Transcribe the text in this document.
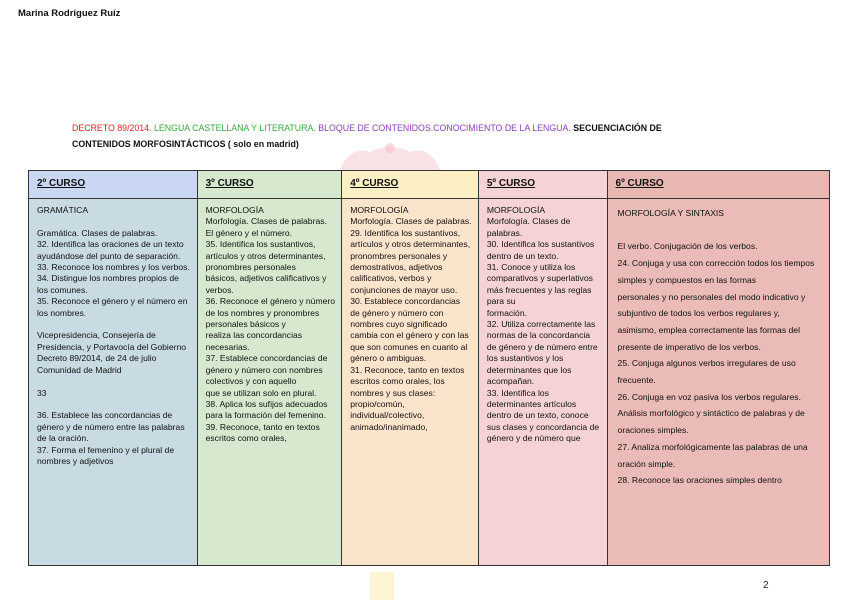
Marina Rodríguez Ruíz
DECRETO 89/2014. LENGUA CASTELLANA Y LITERATURA. BLOQUE DE CONTENIDOS.CONOCIMIENTO DE LA LENGUA. SECUENCIACIÓN DE
CONTENIDOS MORFOSINTÁCTICOS ( solo en madrid)
2º CURSO
GRAMÁTICA

Gramática. Clases de palabras.
32. Identifica las oraciones de un texto ayudándose del punto de separación.
33. Reconoce los nombres y los verbos.
34. Distingue los nombres propios de los comunes.
35. Reconoce el género y el número en los nombres.

Vicepresidencia, Consejería de Presidencia, y Portavocía del Gobierno Decreto 89/2014, de 24 de julio
Comunidad de Madrid

33

36. Establece las concordancias de género y de número entre las palabras de la oración.
37. Forma el femenino y el plural de nombres y adjetivos
3º CURSO
MORFOLOGÍA
Morfología. Clases de palabras. El género y el número.
35. Identifica los sustantivos, artículos y otros determinantes, pronombres personales
básicos, adjetivos calificativos y verbos.
36. Reconoce el género y número de los nombres y pronombres personales básicos y
realiza las concordancias necesarias.
37. Establece concordancias de género y número con nombres colectivos y con aquello
que se utilizan solo en plural.
38. Aplica los sufijos adecuados para la formación del femenino.
39. Reconoce, tanto en textos escritos como orales,
4º CURSO
MORFOLOGÍA
Morfología. Clases de palabras.
29. Identifica los sustantivos, artículos y otros determinantes, pronombres personales y demostrativos, adjetivos calificativos, verbos y conjunciones de mayor uso.
30. Establece concordancias de género y número con nombres cuyo significado cambia con el género y con las que son comunes en cuanto al género o ambiguas.
31. Reconoce, tanto en textos escritos como orales, los nombres y sus clases:
propio/común, individual/colectivo, animado/inanimado,
5º CURSO
MORFOLOGÍA
Morfología. Clases de palabras.
30. Identifica los sustantivos dentro de un texto.
31. Conoce y utiliza los comparativos y superlativos más frecuentes y las reglas para su
formación.
32. Utiliza correctamente las normas de la concordancia de género y de número entre
los sustantivos y los determinantes que los acompañan.
33. Identifica los determinantes artículos dentro de un texto, conoce sus clases y concordancia de género y de número que
6º CURSO
MORFOLOGÍA Y SINTAXIS

El verbo. Conjugación de los verbos.
24. Conjuga y usa con corrección todos los tiempos simples y compuestos en las formas
personales y no personales del modo indicativo y subjuntivo de todos los verbos regulares y,
asimismo, emplea correctamente las formas del presente de imperativo de los verbos.
25. Conjuga algunos verbos irregulares de uso frecuente.
26. Conjuga en voz pasiva los verbos regulares.
Análisis morfológico y sintáctico de palabras y de oraciones simples.
27. Analiza morfológicamente las palabras de una oración simple.
28. Reconoce las oraciones simples dentro
2
